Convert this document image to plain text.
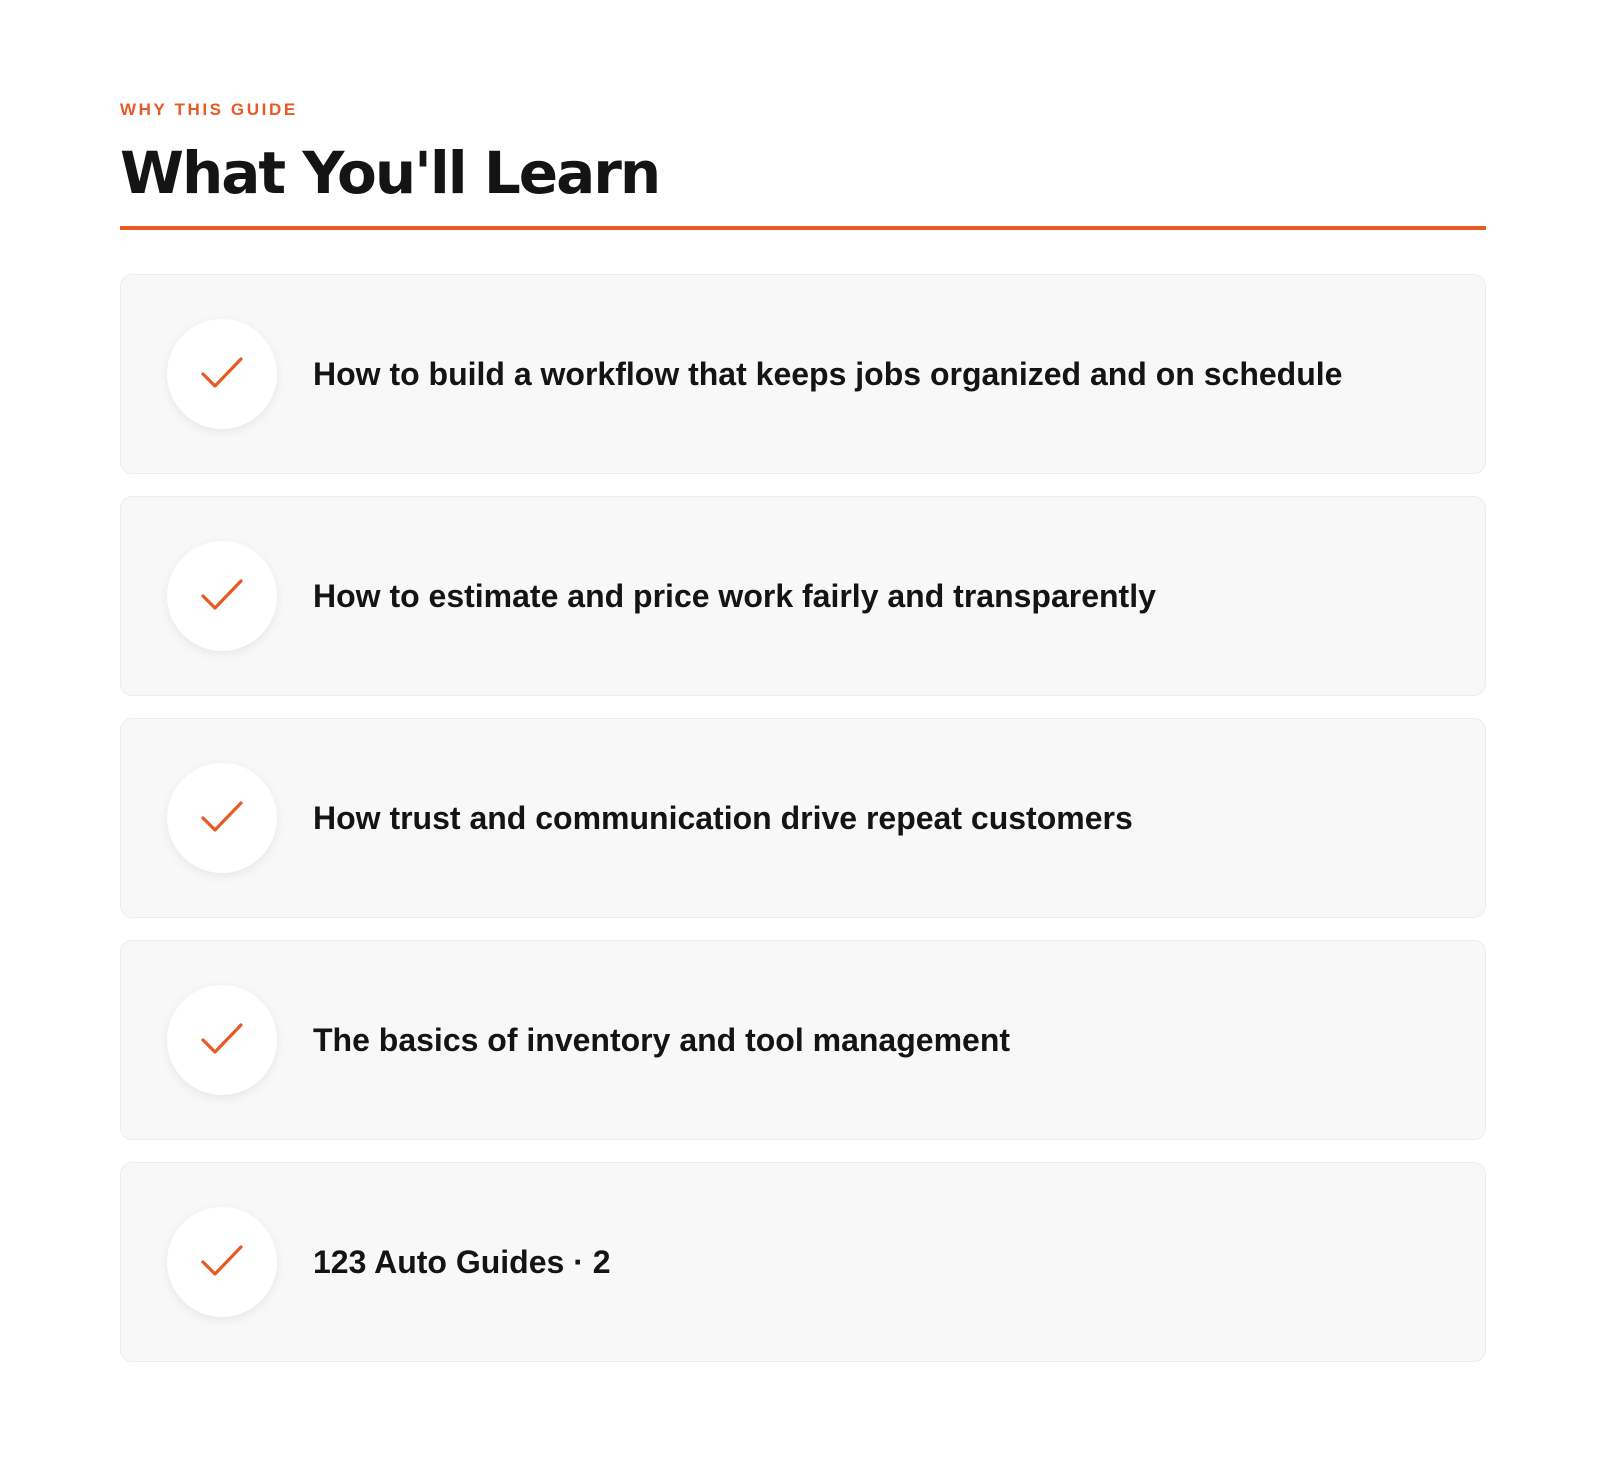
WHY THIS GUIDE

What You'll Learn
How to build a workflow that keeps jobs organized and on schedule
How to estimate and price work fairly and transparently
How trust and communication drive repeat customers
The basics of inventory and tool management
123 Auto Guides · 2
